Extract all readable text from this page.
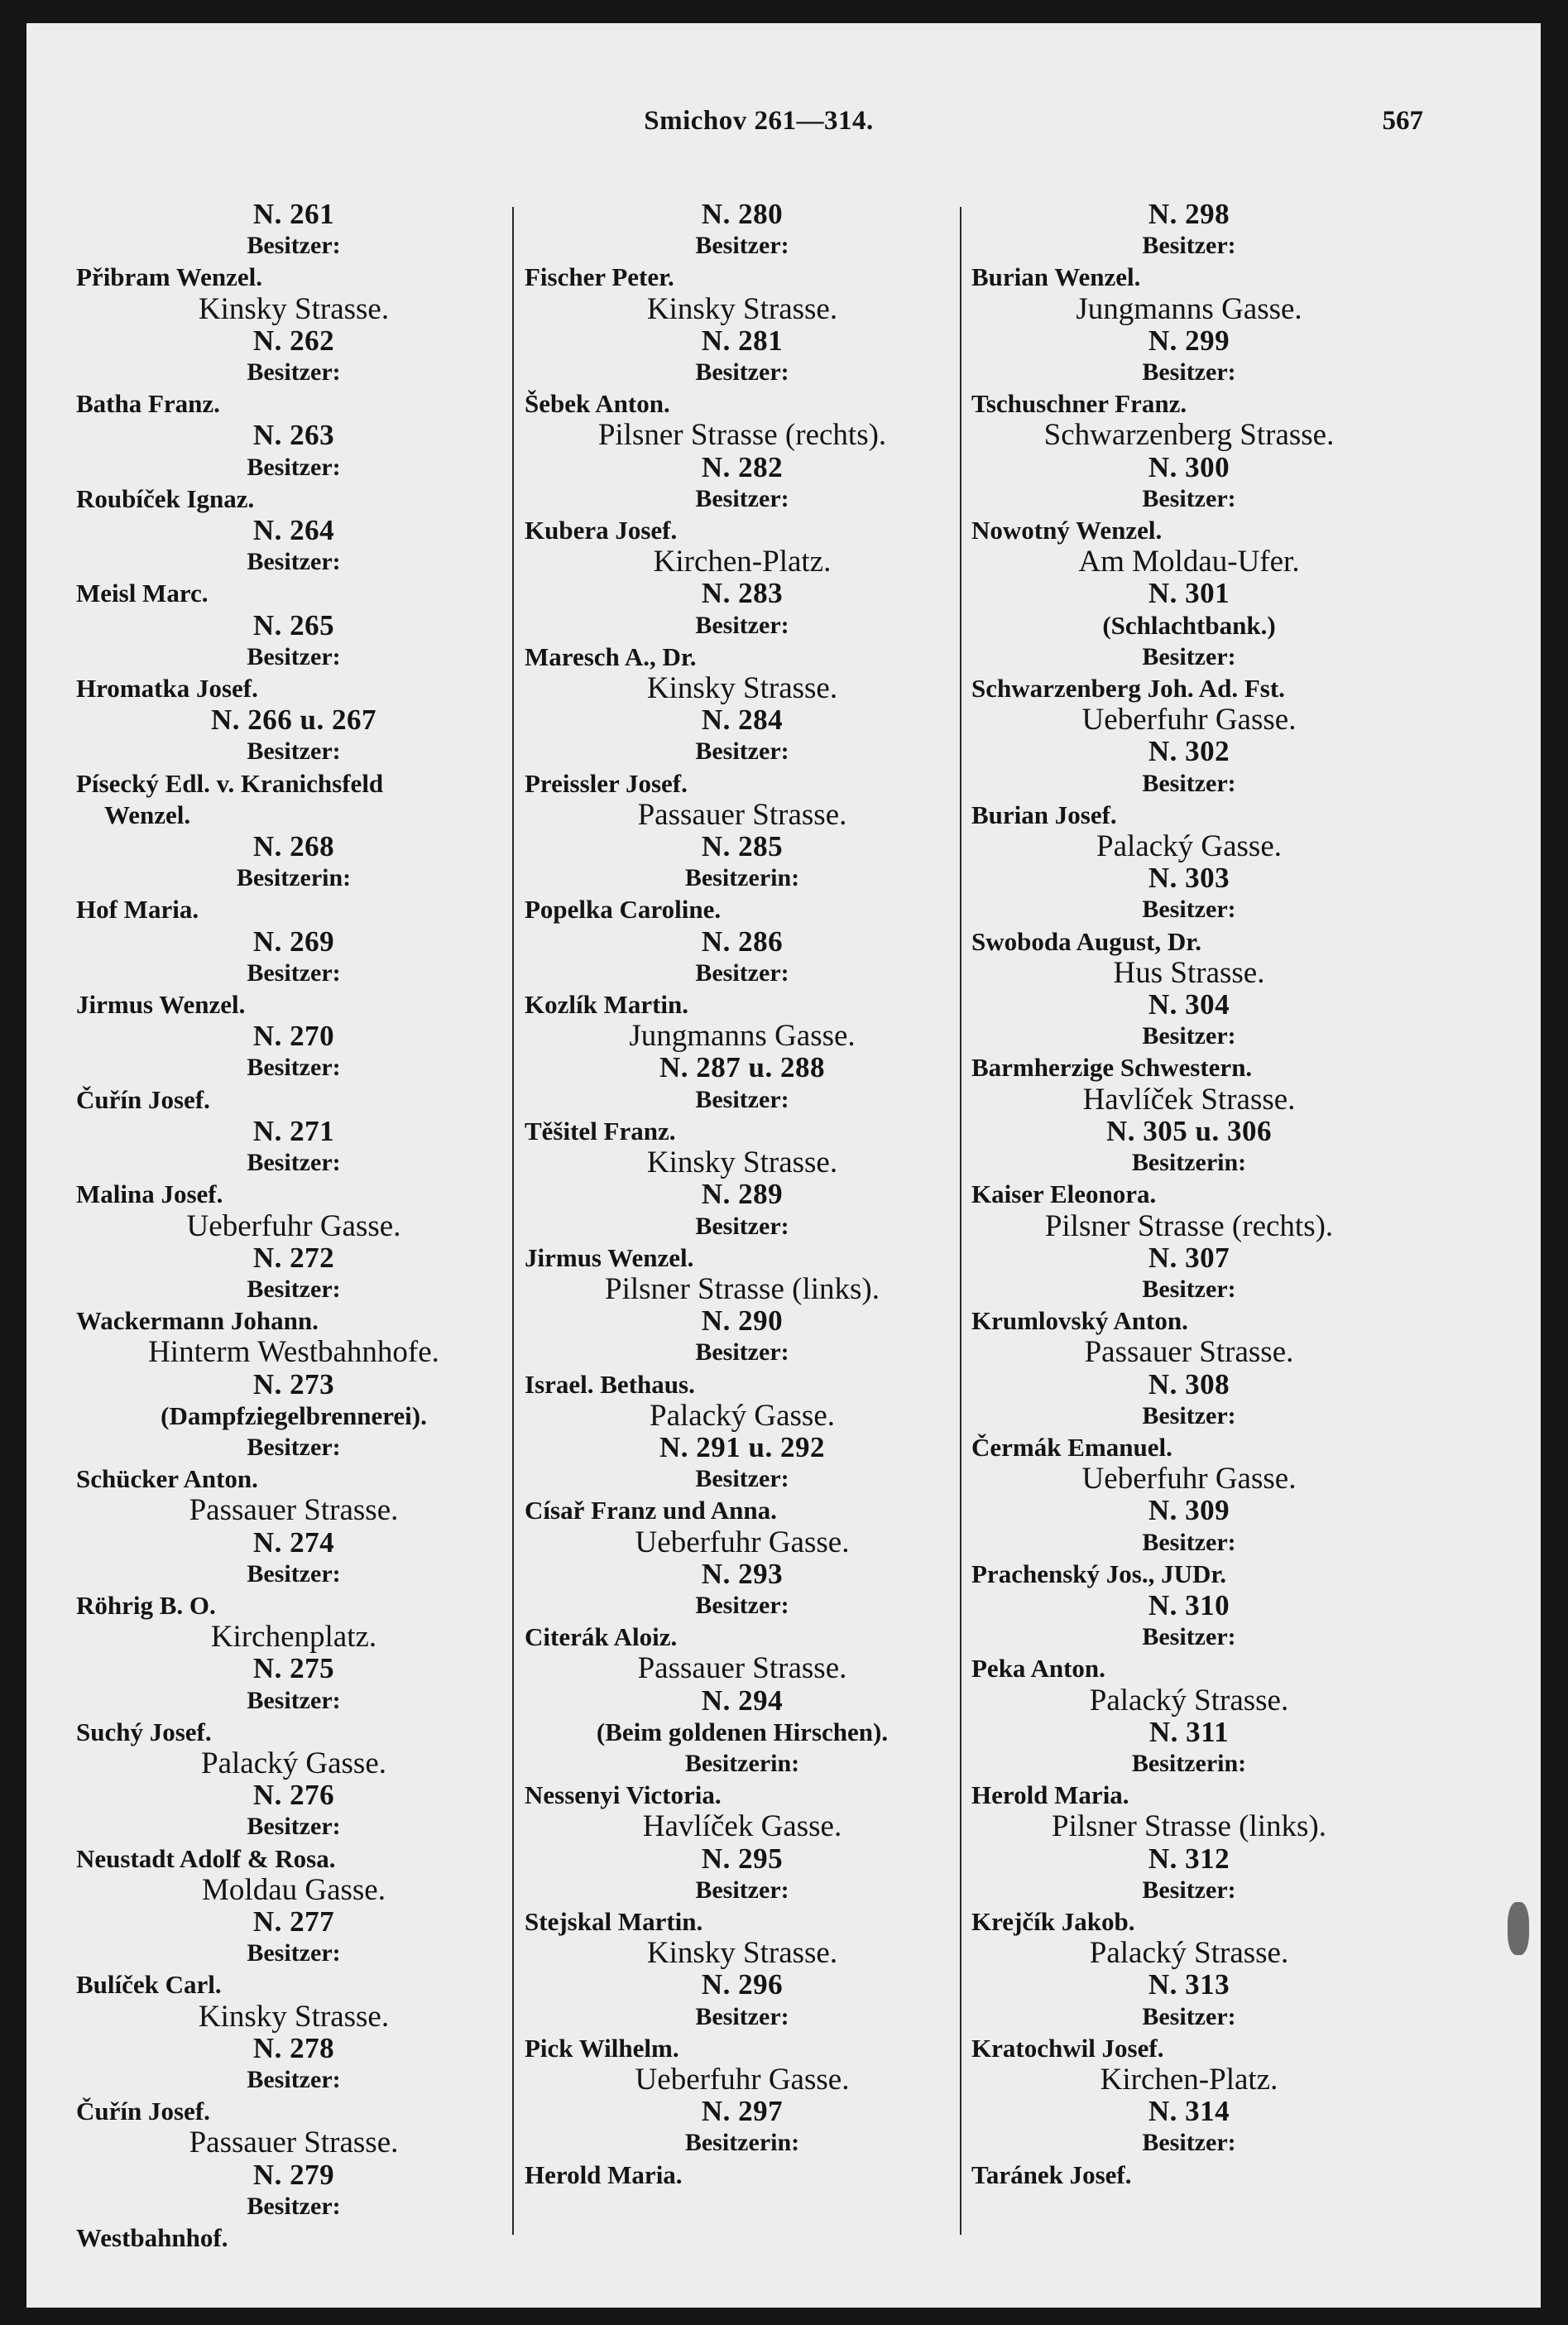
Smichov 261—314.	567
N. 261
Besitzer:
Přibram Wenzel.
Kinsky Strasse.
N. 262
Besitzer:
Batha Franz.
N. 263
Besitzer:
Roubíček Ignaz.
N. 264
Besitzer:
Meisl Marc.
N. 265
Besitzer:
Hromatka Josef.
N. 266 u. 267
Besitzer:
Písecký Edl. v. Kranichsfeld
Wenzel.
N. 268
Besitzerin:
Hof Maria.
N. 269
Besitzer:
Jirmus Wenzel.
N. 270
Besitzer:
Čuřín Josef.
N. 271
Besitzer:
Malina Josef.
Ueberfuhr Gasse.
N. 272
Besitzer:
Wackermann Johann.
Hinterm Westbahnhofe.
N. 273
(Dampfziegelbrennerei).
Besitzer:
Schücker Anton.
Passauer Strasse.
N. 274
Besitzer:
Röhrig B. O.
Kirchenplatz.
N. 275
Besitzer:
Suchý Josef.
Palacký Gasse.
N. 276
Besitzer:
Neustadt Adolf & Rosa.
Moldau Gasse.
N. 277
Besitzer:
Bulíček Carl.
Kinsky Strasse.
N. 278
Besitzer:
Čuřín Josef.
Passauer Strasse.
N. 279
Besitzer:
Westbahnhof.
N. 280
Besitzer:
Fischer Peter.
Kinsky Strasse.
N. 281
Besitzer:
Šebek Anton.
Pilsner Strasse (rechts).
N. 282
Besitzer:
Kubera Josef.
Kirchen-Platz.
N. 283
Besitzer:
Maresch A., Dr.
Kinsky Strasse.
N. 284
Besitzer:
Preissler Josef.
Passauer Strasse.
N. 285
Besitzerin:
Popelka Caroline.
N. 286
Besitzer:
Kozlík Martin.
Jungmanns Gasse.
N. 287 u. 288
Besitzer:
Těšitel Franz.
Kinsky Strasse.
N. 289
Besitzer:
Jirmus Wenzel.
Pilsner Strasse (links).
N. 290
Besitzer:
Israel. Bethaus.
Palacký Gasse.
N. 291 u. 292
Besitzer:
Císař Franz und Anna.
Ueberfuhr Gasse.
N. 293
Besitzer:
Citerák Aloiz.
Passauer Strasse.
N. 294
(Beim goldenen Hirschen).
Besitzerin:
Nessenyi Victoria.
Havlíček Gasse.
N. 295
Besitzer:
Stejskal Martin.
Kinsky Strasse.
N. 296
Besitzer:
Pick Wilhelm.
Ueberfuhr Gasse.
N. 297
Besitzerin:
Herold Maria.
N. 298
Besitzer:
Burian Wenzel.
Jungmanns Gasse.
N. 299
Besitzer:
Tschuschner Franz.
Schwarzenberg Strasse.
N. 300
Besitzer:
Nowotný Wenzel.
Am Moldau-Ufer.
N. 301
(Schlachtbank.)
Besitzer:
Schwarzenberg Joh. Ad. Fst.
Ueberfuhr Gasse.
N. 302
Besitzer:
Burian Josef.
Palacký Gasse.
N. 303
Besitzer:
Swoboda August, Dr.
Hus Strasse.
N. 304
Besitzer:
Barmherzige Schwestern.
Havlíček Strasse.
N. 305 u. 306
Besitzerin:
Kaiser Eleonora.
Pilsner Strasse (rechts).
N. 307
Besitzer:
Krumlovský Anton.
Passauer Strasse.
N. 308
Besitzer:
Čermák Emanuel.
Ueberfuhr Gasse.
N. 309
Besitzer:
Prachenský Jos., JUDr.
N. 310
Besitzer:
Peka Anton.
Palacký Strasse.
N. 311
Besitzerin:
Herold Maria.
Pilsner Strasse (links).
N. 312
Besitzer:
Krejčík Jakob.
Palacký Strasse.
N. 313
Besitzer:
Kratochwil Josef.
Kirchen-Platz.
N. 314
Besitzer:
Taránek Josef.
